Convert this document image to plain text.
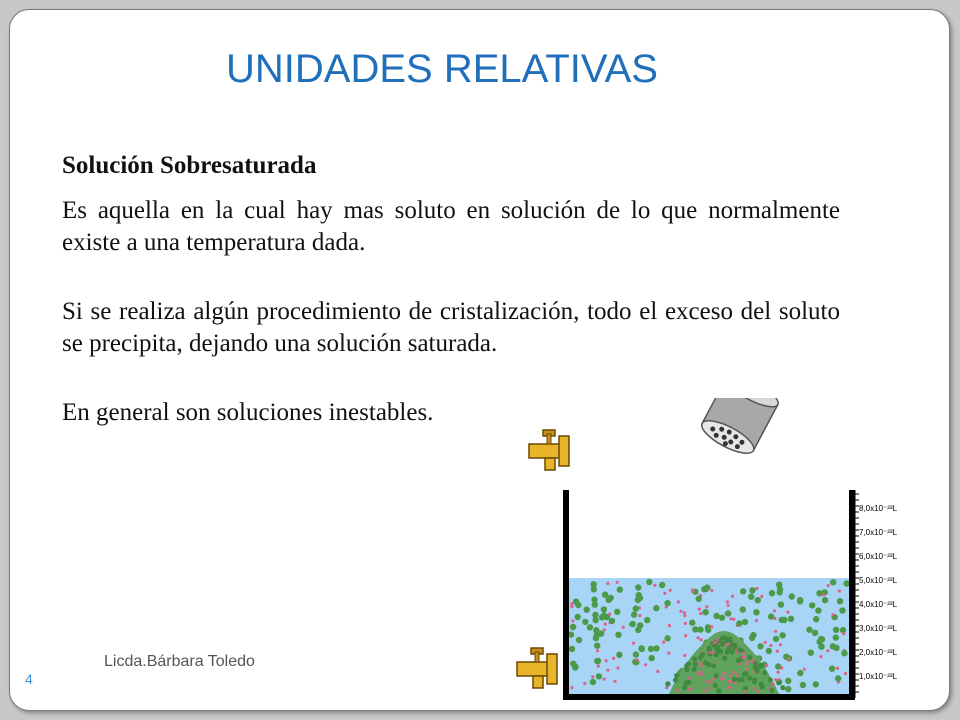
UNIDADES RELATIVAS

Solución Sobresaturada

Es aquella en la cual hay mas soluto en solución de lo que normalmente existe a una temperatura dada.

Si se realiza algún procedimiento de cristalización, todo el exceso del soluto se precipita, dejando una solución saturada.

En general son soluciones inestables.

Licda.Bárbara Toledo
4
8,0x10⁻²³L
7,0x10⁻²³L
6,0x10⁻²³L
5,0x10⁻²³L
4,0x10⁻²³L
3,0x10⁻²³L
2,0x10⁻²³L
1,0x10⁻²³L
